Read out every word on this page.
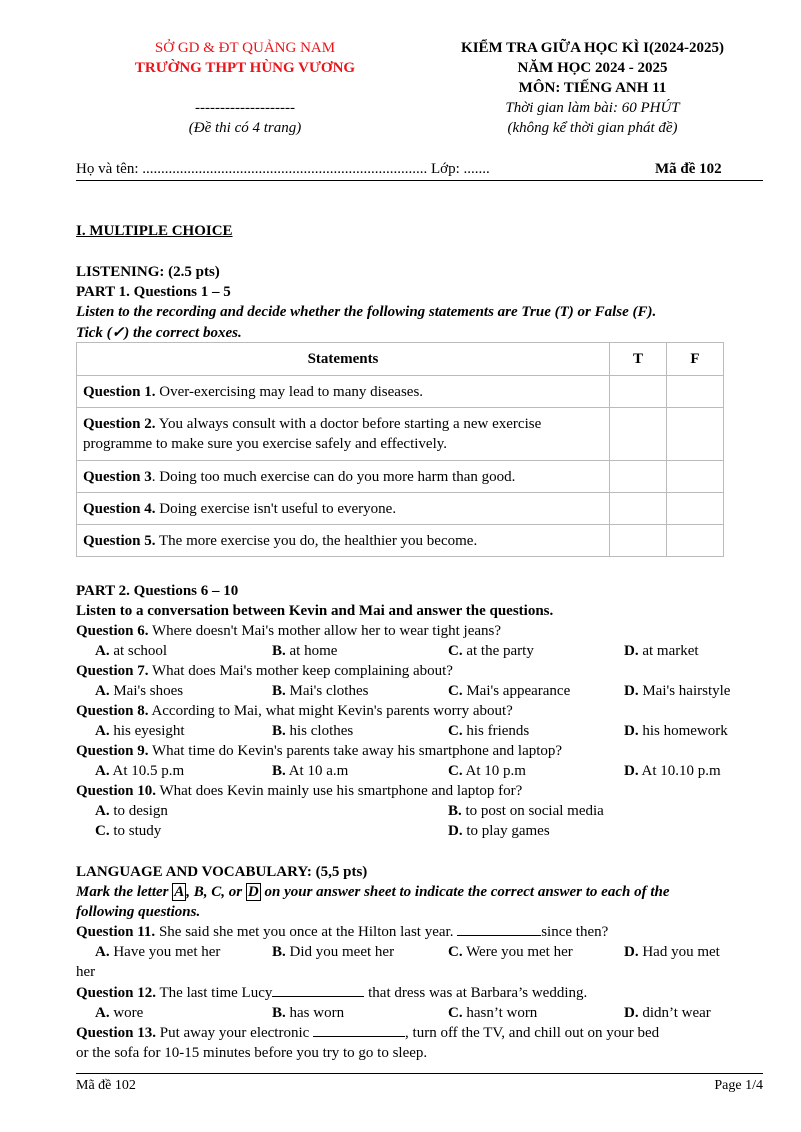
SỞ GD & ĐT QUẢNG NAM
TRƯỜNG THPT HÙNG VƯƠNG
--------------------
(Đề thi có 4 trang)
KIỂM TRA GIỮA HỌC KÌ I(2024-2025)
NĂM HỌC 2024 - 2025
MÔN: TIẾNG ANH 11
Thời gian làm bài: 60 PHÚT
(không kể thời gian phát đề)
Họ và tên: ............................................................................ Lớp: .......	Mã đề 102
I. MULTIPLE CHOICE
LISTENING: (2.5 pts)
PART 1. Questions 1 – 5
Listen to the recording and decide whether the following statements are True (T) or False (F).
Tick (✓) the correct boxes.
Statements	T	F
Question 1. Over-exercising may lead to many diseases.		
Question 2. You always consult with a doctor before starting a new exercise programme to make sure you exercise safely and effectively.		
Question 3. Doing too much exercise can do you more harm than good.		
Question 4. Doing exercise isn't useful to everyone.		
Question 5. The more exercise you do, the healthier you become.		
PART 2. Questions 6 – 10
Listen to a conversation between Kevin and Mai and answer the questions.
Question 6. Where doesn't Mai's mother allow her to wear tight jeans?
A. at school	B. at home	C. at the party	D. at market
Question 7. What does Mai's mother keep complaining about?
A. Mai's shoes	B. Mai's clothes	C. Mai's appearance	D. Mai's hairstyle
Question 8. According to Mai, what might Kevin's parents worry about?
A. his eyesight	B. his clothes	C. his friends	D. his homework
Question 9. What time do Kevin's parents take away his smartphone and laptop?
A. At 10.5 p.m	B. At 10 a.m	C. At 10 p.m	D. At 10.10 p.m
Question 10. What does Kevin mainly use his smartphone and laptop for?
A. to design	B. to post on social media
C. to study	D. to play games
LANGUAGE AND VOCABULARY: (5,5 pts)
Mark the letter A , B, C, or D on your answer sheet to indicate the correct answer to each of the
following questions.
Question 11. She said she met you once at the Hilton last year.	since then?
A. Have you met her	B. Did you meet her	C. Were you met her	D. Had you met
her
Question 12. The last time Lucy	that dress was at Barbara’s wedding.
A. wore	B. has worn	C. hasn’t worn	D. didn’t wear
Question 13. Put away your electronic	, turn off the TV, and chill out on your bed
or the sofa for 10-15 minutes before you try to go to sleep.
Mã đề 102	Page 1/4
